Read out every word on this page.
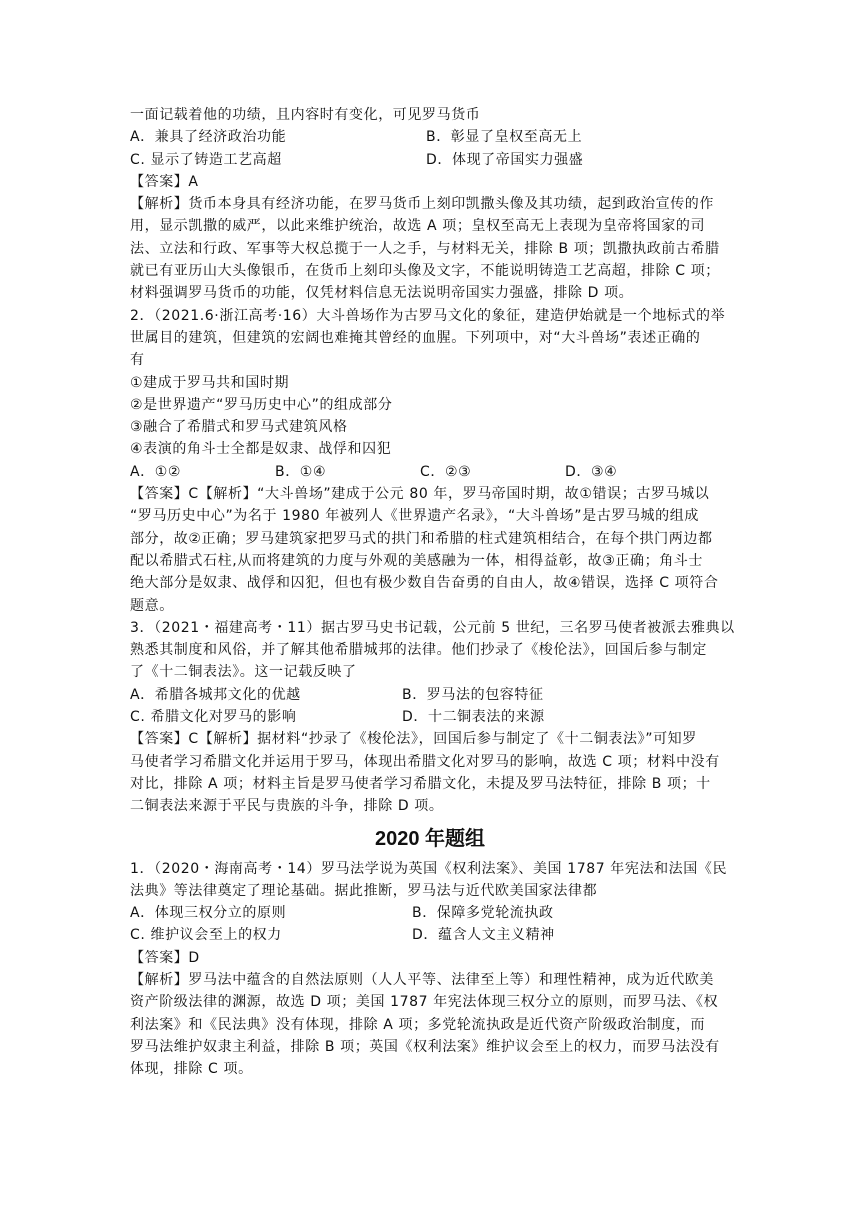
一面记载着他的功绩，且内容时有变化，可见罗马货币
A．兼具了经济政治功能	B．彰显了皇权至高无上
C. 显示了铸造工艺高超	D．体现了帝国实力强盛
【答案】A
【解析】货币本身具有经济功能，在罗马货币上刻印凯撒头像及其功绩，起到政治宣传的作
用，显示凯撒的威严，以此来维护统治，故选 A 项；皇权至高无上表现为皇帝将国家的司
法、立法和行政、军事等大权总揽于一人之手，与材料无关，排除 B 项；凯撒执政前古希腊
就已有亚历山大头像银币，在货币上刻印头像及文字，不能说明铸造工艺高超，排除 C 项；
材料强调罗马货币的功能，仅凭材料信息无法说明帝国实力强盛，排除 D 项。
2．（2021.6·浙江高考·16）大斗兽场作为古罗马文化的象征，建造伊始就是一个地标式的举
世属目的建筑，但建筑的宏阔也难掩其曾经的血腥。下列项中，对“大斗兽场”表述正确的
有
①建成于罗马共和国时期
②是世界遗产“罗马历史中心”的组成部分
③融合了希腊式和罗马式建筑风格
④表演的角斗士全都是奴隶、战俘和囚犯
A．①②	B．①④	C．②③	D．③④
【答案】C【解析】“大斗兽场”建成于公元 80 年，罗马帝国时期，故①错误；古罗马城以
“罗马历史中心”为名于 1980 年被列人《世界遗产名录》，“大斗兽场”是古罗马城的组成
部分，故②正确；罗马建筑家把罗马式的拱门和希腊的柱式建筑相结合，在每个拱门两边都
配以希腊式石柱,从而将建筑的力度与外观的美感融为一体，相得益彰，故③正确；角斗士
绝大部分是奴隶、战俘和囚犯，但也有极少数自告奋勇的自由人，故④错误，选择 C 项符合
题意。
3．（2021・福建高考・11）据古罗马史书记载，公元前 5 世纪，三名罗马使者被派去雅典以
熟悉其制度和风俗，并了解其他希腊城邦的法律。他们抄录了《梭伦法》，回国后参与制定
了《十二铜表法》。这一记载反映了
A．希腊各城邦文化的优越	B．罗马法的包容特征
C. 希腊文化对罗马的影响	D．十二铜表法的来源
【答案】C【解析】据材料“抄录了《梭伦法》，回国后参与制定了《十二铜表法》”可知罗
马使者学习希腊文化并运用于罗马，体现出希腊文化对罗马的影响，故选 C 项；材料中没有
对比，排除 A 项；材料主旨是罗马使者学习希腊文化，未提及罗马法特征，排除 B 项；十
二铜表法来源于平民与贵族的斗争，排除 D 项。
2020 年题组
1．（2020・海南高考・14）罗马法学说为英国《权利法案》、美国 1787 年宪法和法国《民
法典》等法律奠定了理论基础。据此推断，罗马法与近代欧美国家法律都
A．体现三权分立的原则	B．保障多党轮流执政
C. 维护议会至上的权力	D．蕴含人文主义精神
【答案】D
【解析】罗马法中蕴含的自然法原则（人人平等、法律至上等）和理性精神，成为近代欧美
资产阶级法律的渊源，故选 D 项；美国 1787 年宪法体现三权分立的原则，而罗马法、《权
利法案》和《民法典》没有体现，排除 A 项；多党轮流执政是近代资产阶级政治制度，而
罗马法维护奴隶主利益，排除 B 项；英国《权利法案》维护议会至上的权力，而罗马法没有
体现，排除 C 项。
